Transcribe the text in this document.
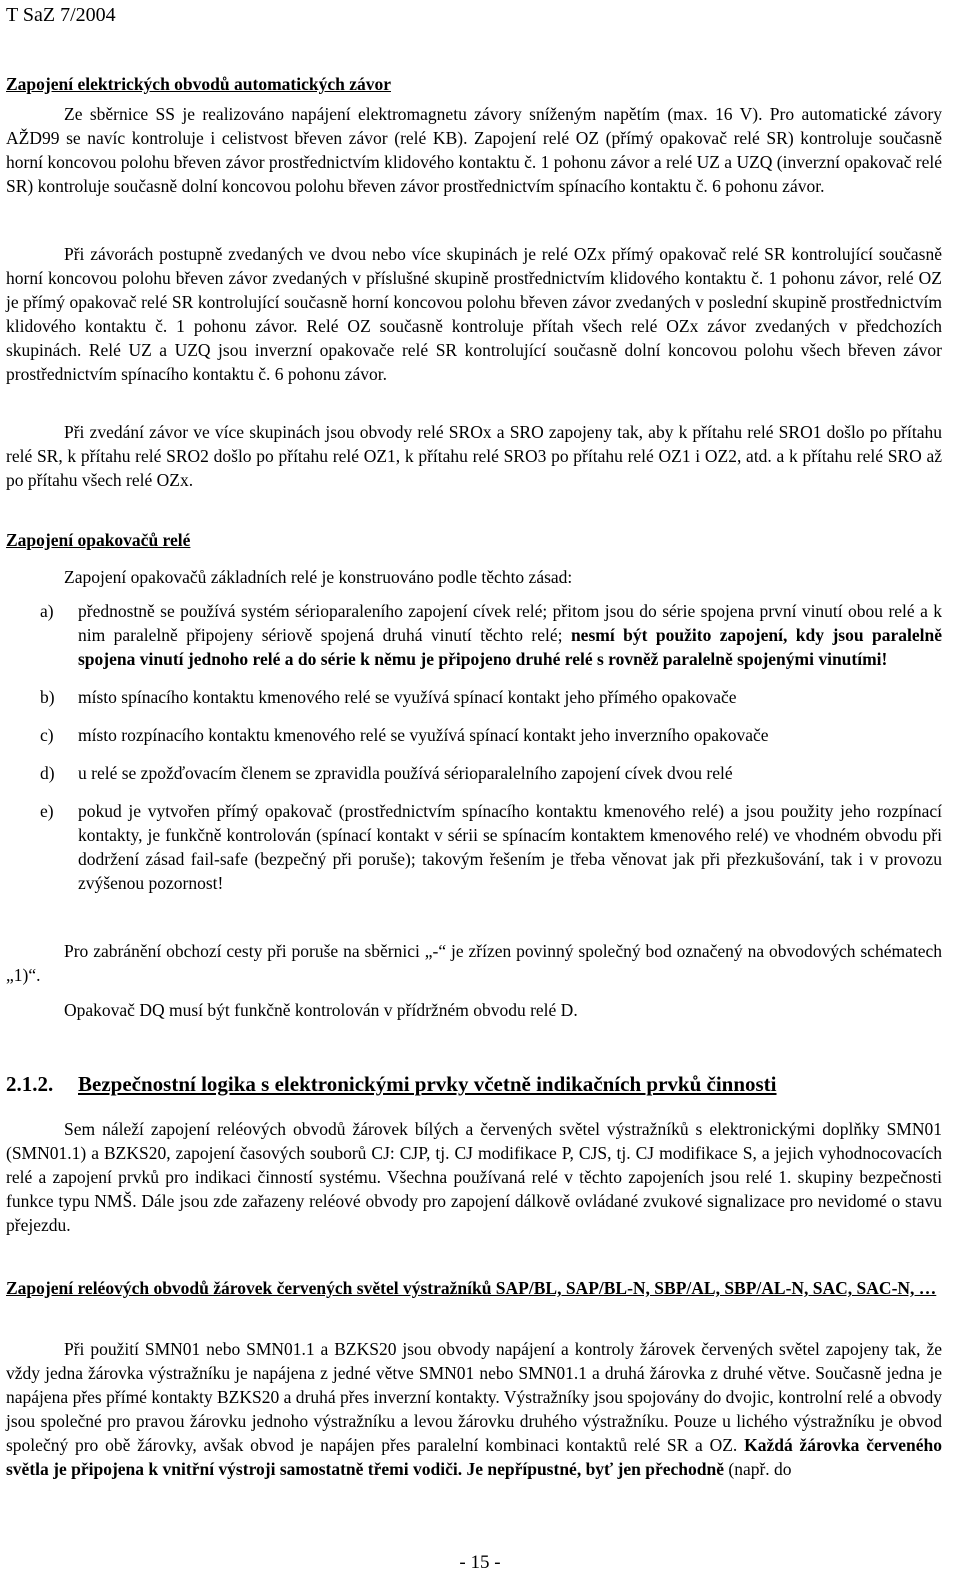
T SaZ 7/2004
Zapojení elektrických obvodů automatických závor

Ze sběrnice SS je realizováno napájení elektromagnetu závory sníženým napětím (max. 16 V). Pro automatické závory AŽD99 se navíc kontroluje i celistvost břeven závor (relé KB). Zapojení relé OZ (přímý opakovač relé SR) kontroluje současně horní koncovou polohu břeven závor prostřednictvím klidového kontaktu č. 1 pohonu závor a relé UZ a UZQ (inverzní opakovač relé SR) kontroluje současně dolní koncovou polohu břeven závor prostřednictvím spínacího kontaktu č. 6 pohonu závor.

Při závorách postupně zvedaných ve dvou nebo více skupinách je relé OZx přímý opakovač relé SR kontrolující současně horní koncovou polohu břeven závor zvedaných v příslušné skupině prostřednictvím klidového kontaktu č. 1 pohonu závor, relé OZ je přímý opakovač relé SR kontrolující současně horní koncovou polohu břeven závor zvedaných v poslední skupině prostřednictvím klidového kontaktu č. 1 pohonu závor. Relé OZ současně kontroluje přítah všech relé OZx závor zvedaných v předchozích skupinách. Relé UZ a UZQ jsou inverzní opakovače relé SR kontrolující současně dolní koncovou polohu všech břeven závor prostřednictvím spínacího kontaktu č. 6 pohonu závor.

Při zvedání závor ve více skupinách jsou obvody relé SROx a SRO zapojeny tak, aby k přítahu relé SRO1 došlo po přítahu relé SR, k přítahu relé SRO2 došlo po přítahu relé OZ1, k přítahu relé SRO3 po přítahu relé OZ1 i OZ2, atd. a k přítahu relé SRO až po přítahu všech relé OZx.

Zapojení opakovačů relé

Zapojení opakovačů základních relé je konstruováno podle těchto zásad:

a) přednostně se používá systém sérioparaleního zapojení cívek relé; přitom jsou do série spojena první vinutí obou relé a k nim paralelně připojeny sériově spojená druhá vinutí těchto relé; nesmí být použito zapojení, kdy jsou paralelně spojena vinutí jednoho relé a do série k němu je připojeno druhé relé s rovněž paralelně spojenými vinutími!
b) místo spínacího kontaktu kmenového relé se využívá spínací kontakt jeho přímého opakovače
c) místo rozpínacího kontaktu kmenového relé se využívá spínací kontakt jeho inverzního opakovače
d) u relé se zpožďovacím členem se zpravidla používá sérioparalelního zapojení cívek dvou relé
e) pokud je vytvořen přímý opakovač (prostřednictvím spínacího kontaktu kmenového relé) a jsou použity jeho rozpínací kontakty, je funkčně kontrolován (spínací kontakt v sérii se spínacím kontaktem kmenového relé) ve vhodném obvodu při dodržení zásad fail-safe (bezpečný při poruše); takovým řešením je třeba věnovat jak při přezkušování, tak i v provozu zvýšenou pozornost!

Pro zabránění obchozí cesty při poruše na sběrnici „-“ je zřízen povinný společný bod označený na obvodových schématech „1)“.

Opakovač DQ musí být funkčně kontrolován v přídržném obvodu relé D.

2.1.2. Bezpečnostní logika s elektronickými prvky včetně indikačních prvků činnosti

Sem náleží zapojení reléových obvodů žárovek bílých a červených světel výstražníků s elektronickými doplňky SMN01 (SMN01.1) a BZKS20, zapojení časových souborů CJ: CJP, tj. CJ modifikace P, CJS, tj. CJ modifikace S, a jejich vyhodnocovacích relé a zapojení prvků pro indikaci činností systému. Všechna používaná relé v těchto zapojeních jsou relé 1. skupiny bezpečnosti funkce typu NMŠ. Dále jsou zde zařazeny reléové obvody pro zapojení dálkově ovládané zvukové signalizace pro nevidomé o stavu přejezdu.

Zapojení reléových obvodů žárovek červených světel výstražníků SAP/BL, SAP/BL-N, SBP/AL, SBP/AL-N, SAC, SAC-N, …

Při použití SMN01 nebo SMN01.1 a BZKS20 jsou obvody napájení a kontroly žárovek červených světel zapojeny tak, že vždy jedna žárovka výstražníku je napájena z jedné větve SMN01 nebo SMN01.1 a druhá žárovka z druhé větve. Současně jedna je napájena přes přímé kontakty BZKS20 a druhá přes inverzní kontakty. Výstražníky jsou spojovány do dvojic, kontrolní relé a obvody jsou společné pro pravou žárovku jednoho výstražníku a levou žárovku druhého výstražníku. Pouze u lichého výstražníku je obvod společný pro obě žárovky, avšak obvod je napájen přes paralelní kombinaci kontaktů relé SR a OZ. Každá žárovka červeného světla je připojena k vnitřní výstroji samostatně třemi vodiči. Je nepřípustné, byť jen přechodně (např. do

- 15 -
